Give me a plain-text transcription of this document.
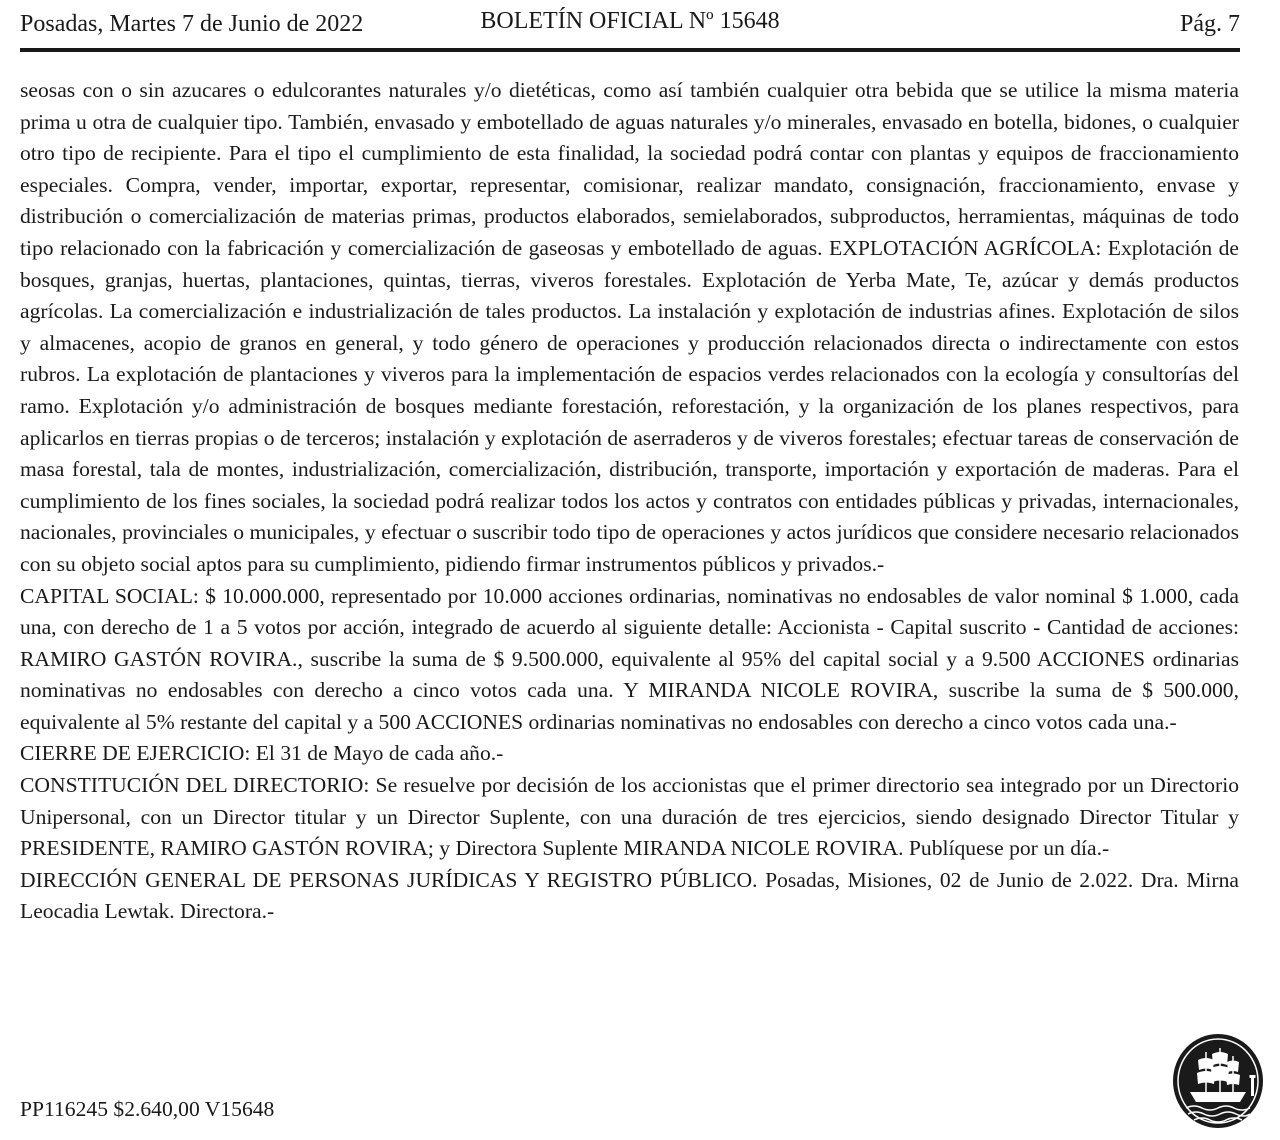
Posadas, Martes 7 de Junio de 2022	BOLETÍN OFICIAL Nº 15648	Pág. 7

seosas con o sin azucares o edulcorantes naturales y/o dietéticas, como así también cualquier otra bebida que se utilice la misma materia prima u otra de cualquier tipo. También, envasado y embotellado de aguas naturales y/o minerales, envasado en botella, bidones, o cualquier otro tipo de recipiente. Para el tipo el cumplimiento de esta finalidad, la sociedad podrá contar con plantas y equipos de fraccionamiento especiales. Compra, vender, importar, exportar, representar, comisionar, realizar mandato, consignación, fraccionamiento, envase y distribución o comercialización de materias primas, productos elaborados, semielaborados, subproductos, herramientas, máquinas de todo tipo relacionado con la fabricación y comercialización de gaseosas y embotellado de aguas. EXPLOTACIÓN AGRÍCOLA: Explotación de bosques, granjas, huertas, plantaciones, quintas, tierras, viveros forestales. Explotación de Yerba Mate, Te, azúcar y demás productos agrícolas. La comercialización e industrialización de tales productos. La instalación y explotación de industrias afines. Explotación de silos y almacenes, acopio de granos en general, y todo género de operaciones y producción relacionados directa o indirectamente con estos rubros. La explotación de plantaciones y viveros para la implementación de espacios verdes relacionados con la ecología y consultorías del ramo. Explotación y/o administración de bosques mediante forestación, reforestación, y la organización de los planes respectivos, para aplicarlos en tierras propias o de terceros; instalación y explotación de aserraderos y de viveros forestales; efectuar tareas de conservación de masa forestal, tala de montes, industrialización, comercialización, distribución, transporte, importación y exportación de maderas. Para el cumplimiento de los fines sociales, la sociedad podrá realizar todos los actos y contratos con entidades públicas y privadas, internacionales, nacionales, provinciales o municipales, y efectuar o suscribir todo tipo de operaciones y actos jurídicos que considere necesario relacionados con su objeto social aptos para su cumplimiento, pidiendo firmar instrumentos públicos y privados.-

CAPITAL SOCIAL: $ 10.000.000, representado por 10.000 acciones ordinarias, nominativas no endosables de valor nominal $ 1.000, cada una, con derecho de 1 a 5 votos por acción, integrado de acuerdo al siguiente detalle: Accionista - Capital suscrito - Cantidad de acciones: RAMIRO GASTÓN ROVIRA., suscribe la suma de $ 9.500.000, equivalente al 95% del capital social y a 9.500 ACCIONES ordinarias nominativas no endosables con derecho a cinco votos cada una. Y MIRANDA NICOLE ROVIRA, suscribe la suma de $ 500.000, equivalente al 5% restante del capital y a 500 ACCIONES ordinarias nominativas no endosables con derecho a cinco votos cada una.-

CIERRE DE EJERCICIO: El 31 de Mayo de cada año.-

CONSTITUCIÓN DEL DIRECTORIO: Se resuelve por decisión de los accionistas que el primer directorio sea integrado por un Directorio Unipersonal, con un Director titular y un Director Suplente, con una duración de tres ejercicios, siendo designado Director Titular y PRESIDENTE, RAMIRO GASTÓN ROVIRA; y Directora Suplente MIRANDA NICOLE ROVIRA. Publíquese por un día.-

DIRECCIÓN GENERAL DE PERSONAS JURÍDICAS Y REGISTRO PÚBLICO. Posadas, Misiones, 02 de Junio de 2.022. Dra. Mirna Leocadia Lewtak. Directora.-

PP116245 $2.640,00 V15648
